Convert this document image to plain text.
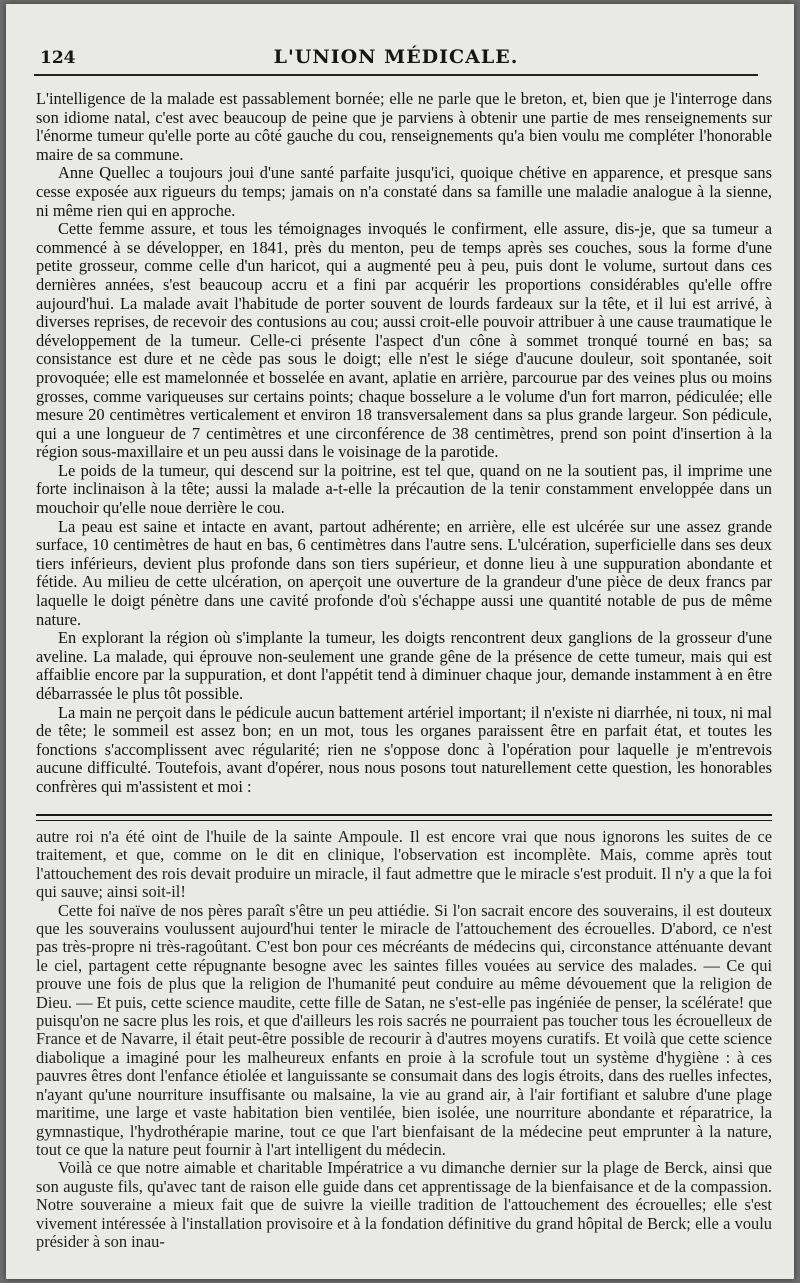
124	L'UNION MÉDICALE.

L'intelligence de la malade est passablement bornée; elle ne parle que le breton, et, bien que je l'interroge dans son idiome natal, c'est avec beaucoup de peine que je parviens à obtenir une partie de mes renseignements sur l'énorme tumeur qu'elle porte au côté gauche du cou, renseignements qu'a bien voulu me compléter l'honorable maire de sa commune.

Anne Quellec a toujours joui d'une santé parfaite jusqu'ici, quoique chétive en apparence, et presque sans cesse exposée aux rigueurs du temps; jamais on n'a constaté dans sa famille une maladie analogue à la sienne, ni même rien qui en approche.

Cette femme assure, et tous les témoignages invoqués le confirment, elle assure, dis-je, que sa tumeur a commencé à se développer, en 1841, près du menton, peu de temps après ses couches, sous la forme d'une petite grosseur, comme celle d'un haricot, qui a augmenté peu à peu, puis dont le volume, surtout dans ces dernières années, s'est beaucoup accru et a fini par acquérir les proportions considérables qu'elle offre aujourd'hui. La malade avait l'habitude de porter souvent de lourds fardeaux sur la tête, et il lui est arrivé, à diverses reprises, de recevoir des contusions au cou; aussi croit-elle pouvoir attribuer à une cause traumatique le développement de la tumeur. Celle-ci présente l'aspect d'un cône à sommet tronqué tourné en bas; sa consistance est dure et ne cède pas sous le doigt; elle n'est le siége d'aucune douleur, soit spontanée, soit provoquée; elle est mamelonnée et bosselée en avant, aplatie en arrière, parcourue par des veines plus ou moins grosses, comme variqueuses sur certains points; chaque bosselure a le volume d'un fort marron, pédiculée; elle mesure 20 centimètres verticalement et environ 18 transversalement dans sa plus grande largeur. Son pédicule, qui a une longueur de 7 centimètres et une circonférence de 38 centimètres, prend son point d'insertion à la région sous-maxillaire et un peu aussi dans le voisinage de la parotide.

Le poids de la tumeur, qui descend sur la poitrine, est tel que, quand on ne la soutient pas, il imprime une forte inclinaison à la tête; aussi la malade a-t-elle la précaution de la tenir constamment enveloppée dans un mouchoir qu'elle noue derrière le cou.

La peau est saine et intacte en avant, partout adhérente; en arrière, elle est ulcérée sur une assez grande surface, 10 centimètres de haut en bas, 6 centimètres dans l'autre sens. L'ulcération, superficielle dans ses deux tiers inférieurs, devient plus profonde dans son tiers supérieur, et donne lieu à une suppuration abondante et fétide. Au milieu de cette ulcération, on aperçoit une ouverture de la grandeur d'une pièce de deux francs par laquelle le doigt pénètre dans une cavité profonde d'où s'échappe aussi une quantité notable de pus de même nature.

En explorant la région où s'implante la tumeur, les doigts rencontrent deux ganglions de la grosseur d'une aveline. La malade, qui éprouve non-seulement une grande gêne de la présence de cette tumeur, mais qui est affaiblie encore par la suppuration, et dont l'appétit tend à diminuer chaque jour, demande instamment à en être débarrassée le plus tôt possible.

La main ne perçoit dans le pédicule aucun battement artériel important; il n'existe ni diarrhée, ni toux, ni mal de tête; le sommeil est assez bon; en un mot, tous les organes paraissent être en parfait état, et toutes les fonctions s'accomplissent avec régularité; rien ne s'oppose donc à l'opération pour laquelle je m'entrevois aucune difficulté. Toutefois, avant d'opérer, nous nous posons tout naturellement cette question, les honorables confrères qui m'assistent et moi :

autre roi n'a été oint de l'huile de la sainte Ampoule. Il est encore vrai que nous ignorons les suites de ce traitement, et que, comme on le dit en clinique, l'observation est incomplète. Mais, comme après tout l'attouchement des rois devait produire un miracle, il faut admettre que le miracle s'est produit. Il n'y a que la foi qui sauve; ainsi soit-il!

Cette foi naïve de nos pères paraît s'être un peu attiédie. Si l'on sacrait encore des souverains, il est douteux que les souverains voulussent aujourd'hui tenter le miracle de l'attouchement des écrouelles. D'abord, ce n'est pas très-propre ni très-ragoûtant. C'est bon pour ces mécréants de médecins qui, circonstance atténuante devant le ciel, partagent cette répugnante besogne avec les saintes filles vouées au service des malades. — Ce qui prouve une fois de plus que la religion de l'humanité peut conduire au même dévouement que la religion de Dieu. — Et puis, cette science maudite, cette fille de Satan, ne s'est-elle pas ingéniée de penser, la scélérate! que puisqu'on ne sacre plus les rois, et que d'ailleurs les rois sacrés ne pourraient pas toucher tous les écrouelleux de France et de Navarre, il était peut-être possible de recourir à d'autres moyens curatifs. Et voilà que cette science diabolique a imaginé pour les malheureux enfants en proie à la scrofule tout un système d'hygiène : à ces pauvres êtres dont l'enfance étiolée et languissante se consumait dans des logis étroits, dans des ruelles infectes, n'ayant qu'une nourriture insuffisante ou malsaine, la vie au grand air, à l'air fortifiant et salubre d'une plage maritime, une large et vaste habitation bien ventilée, bien isolée, une nourriture abondante et réparatrice, la gymnastique, l'hydrothérapie marine, tout ce que l'art bienfaisant de la médecine peut emprunter à la nature, tout ce que la nature peut fournir à l'art intelligent du médecin.

Voilà ce que notre aimable et charitable Impératrice a vu dimanche dernier sur la plage de Berck, ainsi que son auguste fils, qu'avec tant de raison elle guide dans cet apprentissage de la bienfaisance et de la compassion. Notre souveraine a mieux fait que de suivre la vieille tradition de l'attouchement des écrouelles; elle s'est vivement intéressée à l'installation provisoire et à la fondation définitive du grand hôpital de Berck; elle a voulu présider à son inau-
